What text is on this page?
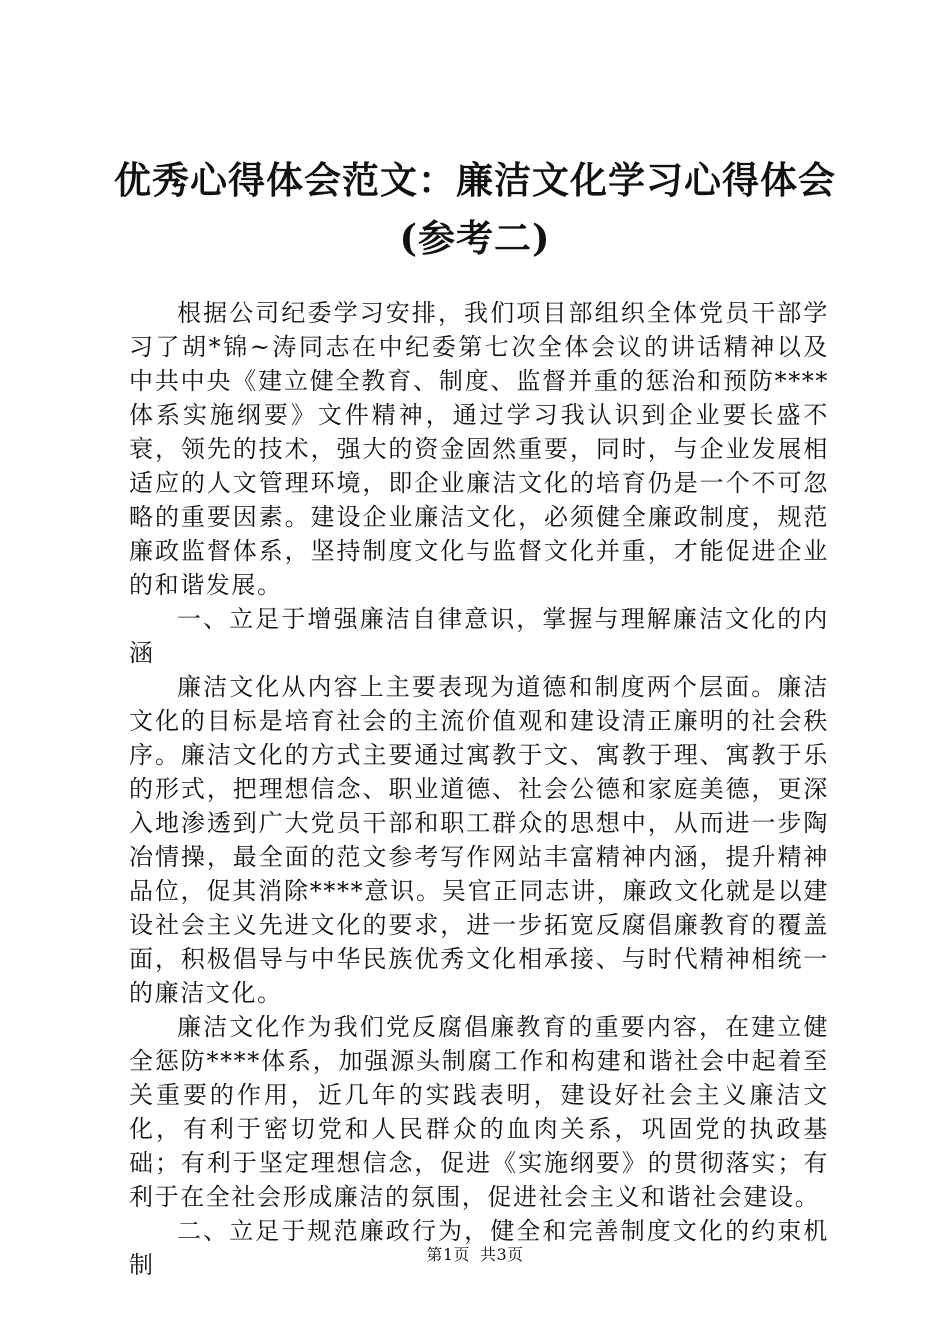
优秀心得体会范文：廉洁文化学习心得体会
(参考二)

根据公司纪委学习安排，我们项目部组织全体党员干部学习了胡*锦~涛同志在中纪委第七次全体会议的讲话精神以及中共中央《建立健全教育、制度、监督并重的惩治和预防****体系实施纲要》文件精神，通过学习我认识到企业要长盛不衰，领先的技术，强大的资金固然重要，同时，与企业发展相适应的人文管理环境，即企业廉洁文化的培育仍是一个不可忽略的重要因素。建设企业廉洁文化，必须健全廉政制度，规范廉政监督体系，坚持制度文化与监督文化并重，才能促进企业的和谐发展。

一、立足于增强廉洁自律意识，掌握与理解廉洁文化的内涵

廉洁文化从内容上主要表现为道德和制度两个层面。廉洁文化的目标是培育社会的主流价值观和建设清正廉明的社会秩序。廉洁文化的方式主要通过寓教于文、寓教于理、寓教于乐的形式，把理想信念、职业道德、社会公德和家庭美德，更深入地渗透到广大党员干部和职工群众的思想中，从而进一步陶冶情操，最全面的范文参考写作网站丰富精神内涵，提升精神品位，促其消除****意识。吴官正同志讲，廉政文化就是以建设社会主义先进文化的要求，进一步拓宽反腐倡廉教育的覆盖面，积极倡导与中华民族优秀文化相承接、与时代精神相统一的廉洁文化。

廉洁文化作为我们党反腐倡廉教育的重要内容，在建立健全惩防****体系，加强源头制腐工作和构建和谐社会中起着至关重要的作用，近几年的实践表明，建设好社会主义廉洁文化，有利于密切党和人民群众的血肉关系，巩固党的执政基础；有利于坚定理想信念，促进《实施纲要》的贯彻落实；有利于在全社会形成廉洁的氛围，促进社会主义和谐社会建设。

二、立足于规范廉政行为，健全和完善制度文化的约束机制	第1页 共3页
